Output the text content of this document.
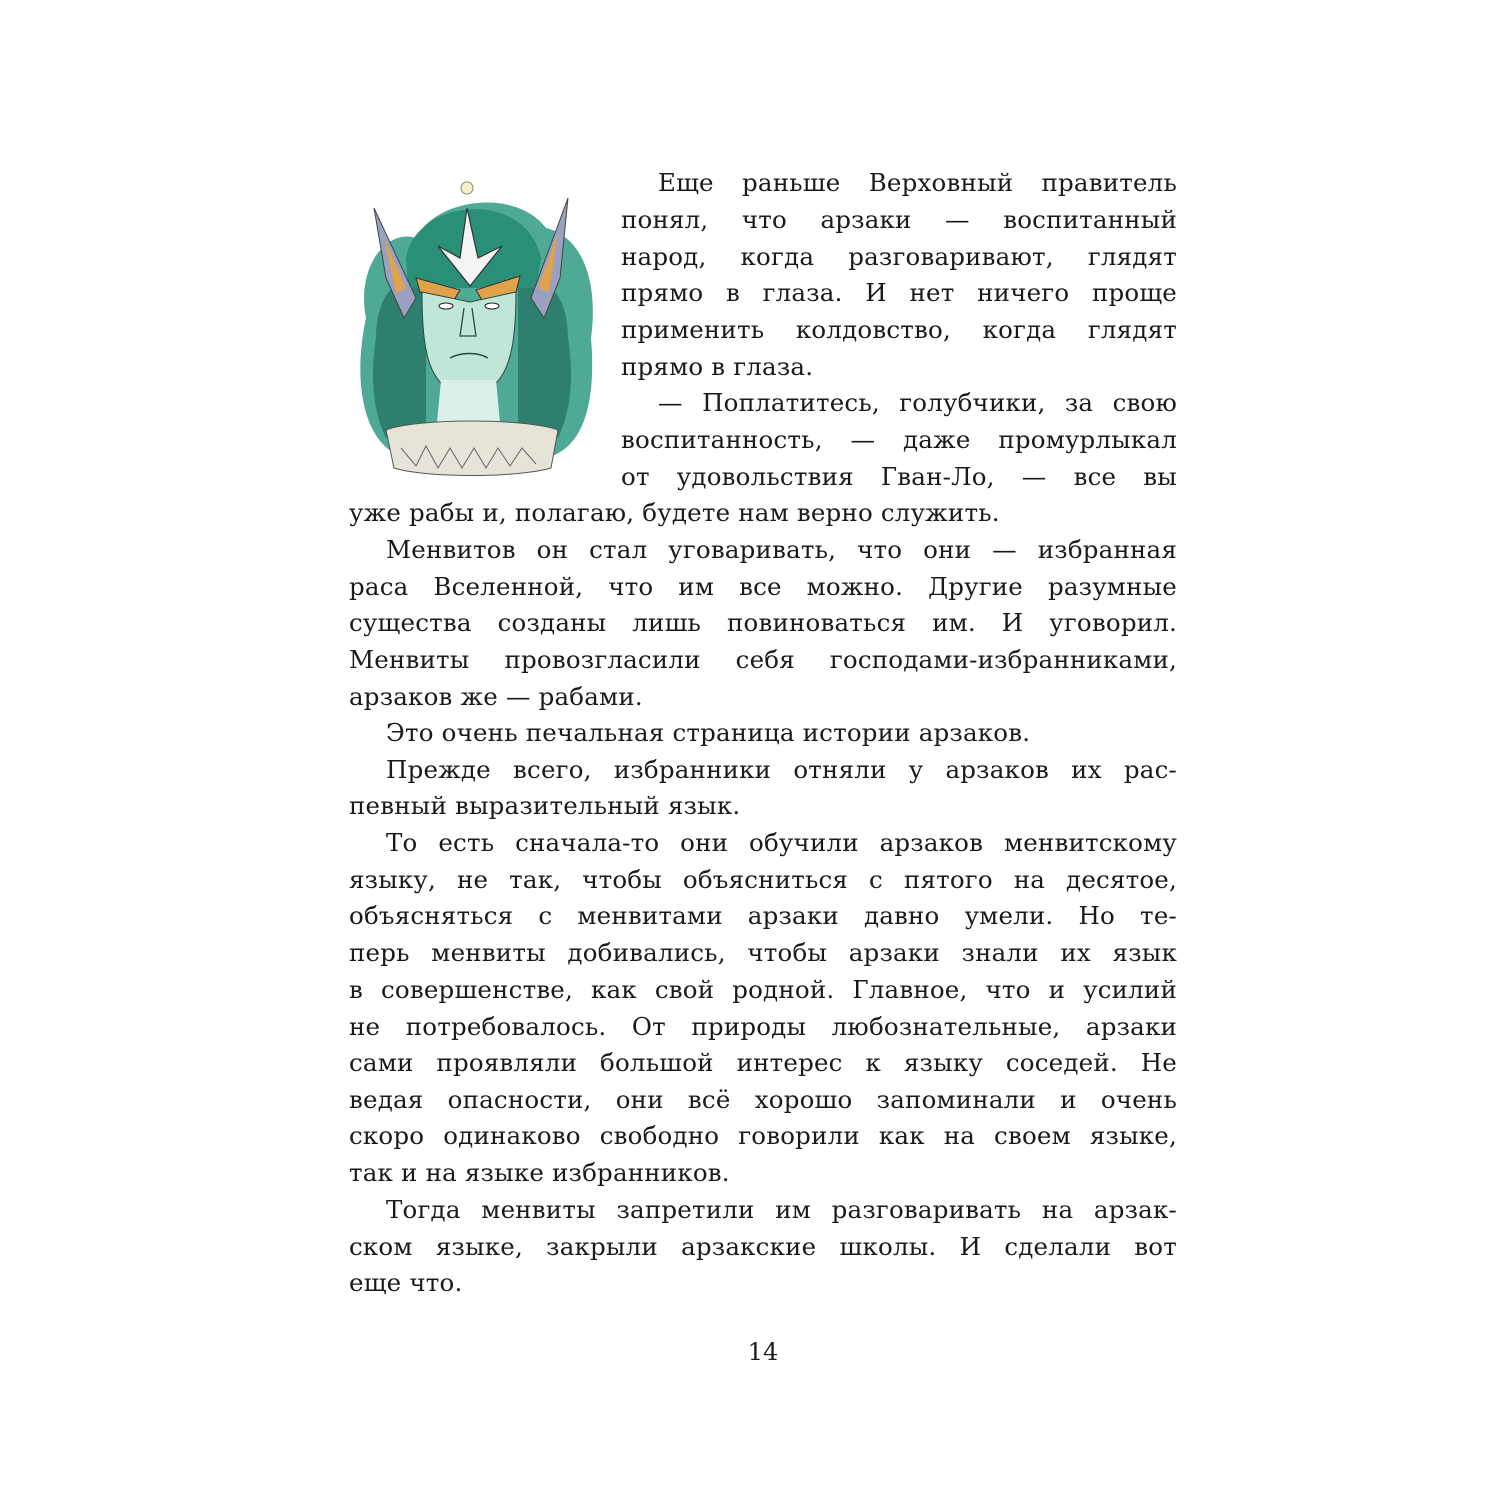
Еще раньше Верховный правитель
понял, что арзаки — воспитанный
народ, когда разговаривают, глядят
прямо в глаза. И нет ничего проще
применить колдовство, когда глядят
прямо в глаза.
— Поплатитесь, голубчики, за свою
воспитанность, — даже промурлыкал
от удовольствия Гван-Ло, — все вы
уже рабы и, полагаю, будете нам верно служить.
Менвитов он стал уговаривать, что они — избранная
раса Вселенной, что им все можно. Другие разумные
существа созданы лишь повиноваться им. И уговорил.
Менвиты провозгласили себя господами-избранниками,
арзаков же — рабами.
Это очень печальная страница истории арзаков.
Прежде всего, избранники отняли у арзаков их рас-
певный выразительный язык.
То есть сначала-то они обучили арзаков менвитскому
языку, не так, чтобы объясниться с пятого на десятое,
объясняться с менвитами арзаки давно умели. Но те-
перь менвиты добивались, чтобы арзаки знали их язык
в совершенстве, как свой родной. Главное, что и усилий
не потребовалось. От природы любознательные, арзаки
сами проявляли большой интерес к языку соседей. Не
ведая опасности, они всё хорошо запоминали и очень
скоро одинаково свободно говорили как на своем языке,
так и на языке избранников.
Тогда менвиты запретили им разговаривать на арзак-
ском языке, закрыли арзакские школы. И сделали вот
еще что.
14
